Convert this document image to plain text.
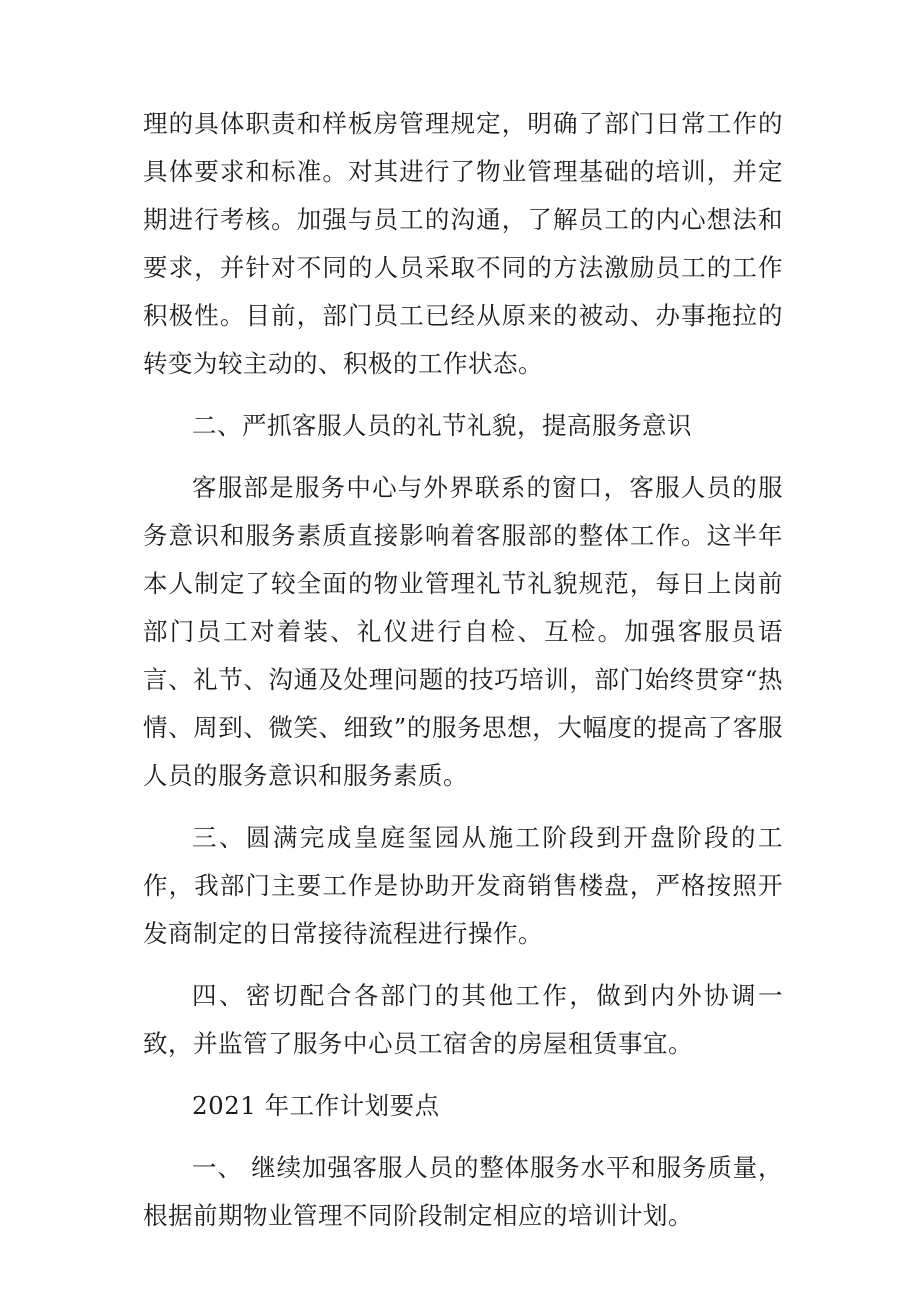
理的具体职责和样板房管理规定，明确了部门日常工作的具体要求和标准。对其进行了物业管理基础的培训，并定期进行考核。加强与员工的沟通，了解员工的内心想法和要求，并针对不同的人员采取不同的方法激励员工的工作积极性。目前，部门员工已经从原来的被动、办事拖拉的转变为较主动的、积极的工作状态。

二、严抓客服人员的礼节礼貌，提高服务意识

客服部是服务中心与外界联系的窗口，客服人员的服务意识和服务素质直接影响着客服部的整体工作。这半年本人制定了较全面的物业管理礼节礼貌规范，每日上岗前部门员工对着装、礼仪进行自检、互检。加强客服员语言、礼节、沟通及处理问题的技巧培训，部门始终贯穿“热情、周到、微笑、细致”的服务思想，大幅度的提高了客服人员的服务意识和服务素质。

三、圆满完成皇庭玺园从施工阶段到开盘阶段的工作，我部门主要工作是协助开发商销售楼盘，严格按照开发商制定的日常接待流程进行操作。

四、密切配合各部门的其他工作，做到内外协调一致，并监管了服务中心员工宿舍的房屋租赁事宜。

2021 年工作计划要点

一、 继续加强客服人员的整体服务水平和服务质量，根据前期物业管理不同阶段制定相应的培训计划。
